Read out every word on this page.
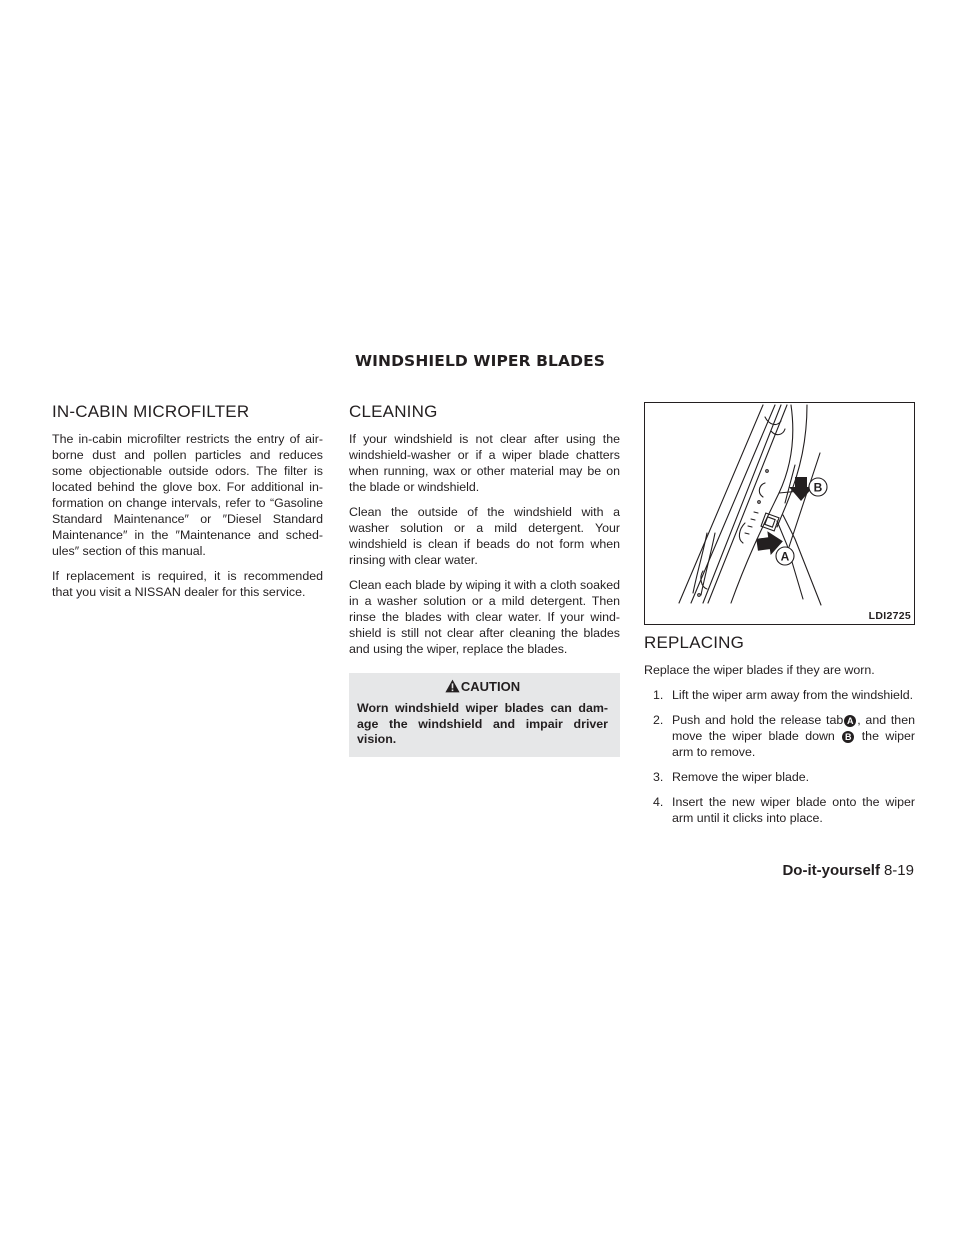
WINDSHIELD WIPER BLADES
IN-CABIN MICROFILTER

The in-cabin microfilter restricts the entry of air-borne dust and pollen particles and reduces some objectionable outside odors. The filter is located behind the glove box. For additional in-formation on change intervals, refer to “Gasoline Standard Maintenance″ or ″Diesel Standard Maintenance″ in the ″Maintenance and sched-ules″ section of this manual.

If replacement is required, it is recommended that you visit a NISSAN dealer for this service.

CLEANING

If your windshield is not clear after using the windshield-washer or if a wiper blade chatters when running, wax or other material may be on the blade or windshield.

Clean the outside of the windshield with a washer solution or a mild detergent. Your windshield is clean if beads do not form when rinsing with clear water.

Clean each blade by wiping it with a cloth soaked in a washer solution or a mild detergent. Then rinse the blades with clear water. If your wind-shield is still not clear after cleaning the blades and using the wiper, replace the blades.

CAUTION
Worn windshield wiper blades can dam-age the windshield and impair driver vision.
B
A
LDI2725
REPLACING

Replace the wiper blades if they are worn.

1. Lift the wiper arm away from the windshield.
2. Push and hold the release tab A , and then move the wiper blade down B the wiper arm to remove.
3. Remove the wiper blade.
4. Insert the new wiper blade onto the wiper arm until it clicks into place.
Do-it-yourself 8-19
